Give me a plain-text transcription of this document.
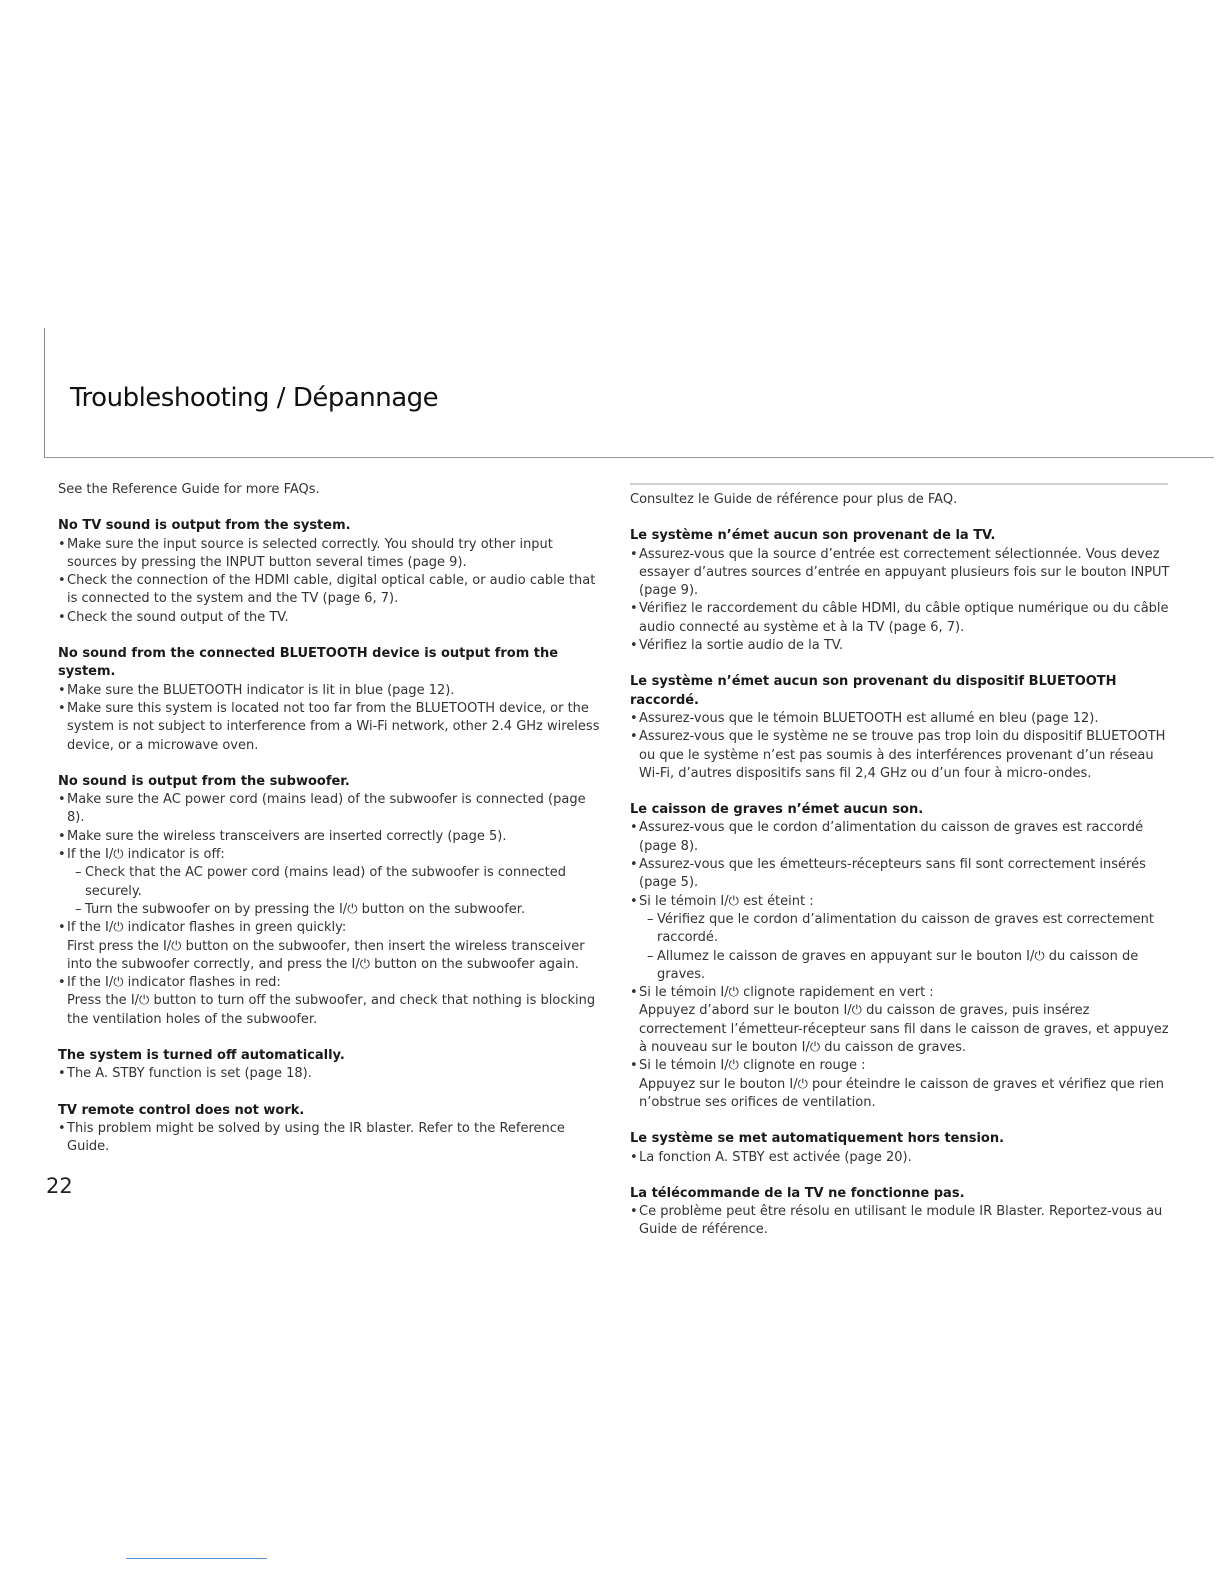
Troubleshooting / Dépannage

See the Reference Guide for more FAQs.

No TV sound is output from the system.

• Make sure the input source is selected correctly. You should try other input sources by pressing the INPUT button several times (page 9).
• Check the connection of the HDMI cable, digital optical cable, or audio cable that is connected to the system and the TV (page 6, 7).
• Check the sound output of the TV.

No sound from the connected BLUETOOTH device is output from the system.

• Make sure the BLUETOOTH indicator is lit in blue (page 12).
• Make sure this system is located not too far from the BLUETOOTH device, or the system is not subject to interference from a Wi-Fi network, other 2.4 GHz wireless device, or a microwave oven.

No sound is output from the subwoofer.

• Make sure the AC power cord (mains lead) of the subwoofer is connected (page 8).
• Make sure the wireless transceivers are inserted correctly (page 5).
• If the I/⏻ indicator is off:
– Check that the AC power cord (mains lead) of the subwoofer is connected securely.
– Turn the subwoofer on by pressing the I/⏻ button on the subwoofer.
• If the I/⏻ indicator flashes in green quickly:
First press the I/⏻ button on the subwoofer, then insert the wireless transceiver into the subwoofer correctly, and press the I/⏻ button on the subwoofer again.
• If the I/⏻ indicator flashes in red:
Press the I/⏻ button to turn off the subwoofer, and check that nothing is blocking the ventilation holes of the subwoofer.

The system is turned off automatically.

• The A. STBY function is set (page 18).

TV remote control does not work.

• This problem might be solved by using the IR blaster. Refer to the Reference Guide.

Consultez le Guide de référence pour plus de FAQ.

Le système n’émet aucun son provenant de la TV.

• Assurez-vous que la source d’entrée est correctement sélectionnée. Vous devez essayer d’autres sources d’entrée en appuyant plusieurs fois sur le bouton INPUT (page 9).
• Vérifiez le raccordement du câble HDMI, du câble optique numérique ou du câble audio connecté au système et à la TV (page 6, 7).
• Vérifiez la sortie audio de la TV.

Le système n’émet aucun son provenant du dispositif BLUETOOTH raccordé.

• Assurez-vous que le témoin BLUETOOTH est allumé en bleu (page 12).
• Assurez-vous que le système ne se trouve pas trop loin du dispositif BLUETOOTH ou que le système n’est pas soumis à des interférences provenant d’un réseau Wi-Fi, d’autres dispositifs sans fil 2,4 GHz ou d’un four à micro-ondes.

Le caisson de graves n’émet aucun son.

• Assurez-vous que le cordon d’alimentation du caisson de graves est raccordé (page 8).
• Assurez-vous que les émetteurs-récepteurs sans fil sont correctement insérés (page 5).
• Si le témoin I/⏻ est éteint :
– Vérifiez que le cordon d’alimentation du caisson de graves est correctement raccordé.
– Allumez le caisson de graves en appuyant sur le bouton I/⏻ du caisson de graves.
• Si le témoin I/⏻ clignote rapidement en vert :
Appuyez d’abord sur le bouton I/⏻ du caisson de graves, puis insérez correctement l’émetteur-récepteur sans fil dans le caisson de graves, et appuyez à nouveau sur le bouton I/⏻ du caisson de graves.
• Si le témoin I/⏻ clignote en rouge :
Appuyez sur le bouton I/⏻ pour éteindre le caisson de graves et vérifiez que rien n’obstrue ses orifices de ventilation.

Le système se met automatiquement hors tension.

• La fonction A. STBY est activée (page 20).

La télécommande de la TV ne fonctionne pas.

• Ce problème peut être résolu en utilisant le module IR Blaster. Reportez-vous au Guide de référence.

22
